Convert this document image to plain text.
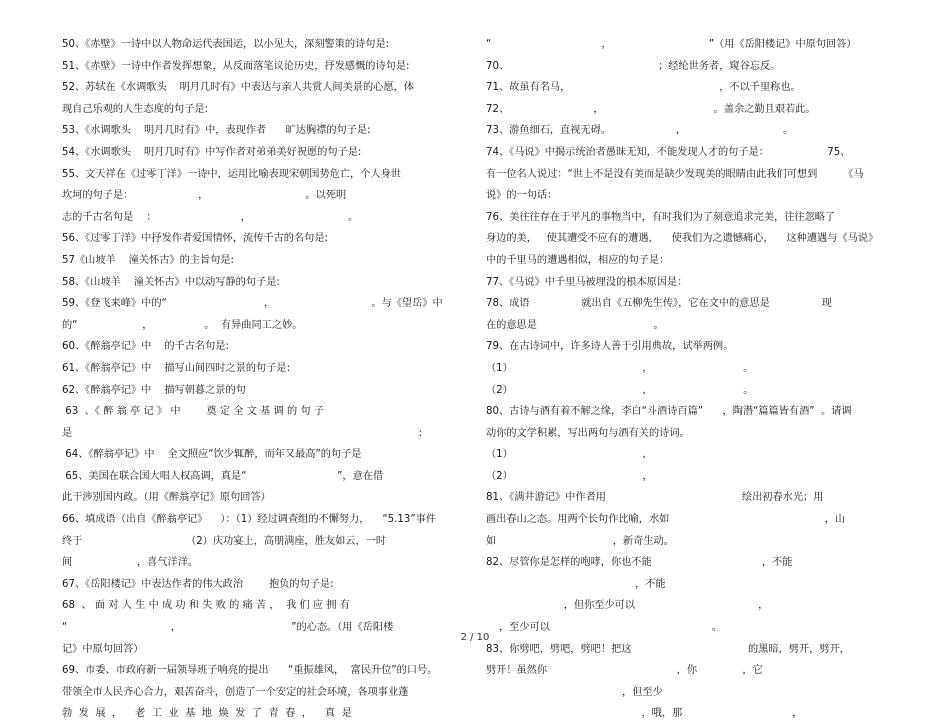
50、《赤壁》一诗中以人物命运代表国运，以小见大，深刻警策的诗句是:
51、《赤壁》一诗中作者发挥想象，从反面落笔议论历史，抒发感慨的诗句是:
52、苏轼在《水调歌头    明月几时有》中表达与亲人共赏人间美景的心愿，体
现自己乐观的人生态度的句子是:
53、《水调歌头    明月几时有》中，表现作者      旷达胸襟的句子是:
54、《水调歌头    明月几时有》中写作者对弟弟美好祝愿的句子是:
55、文天祥在《过零丁洋》一诗中，运用比喻表现宋朝国势危亡，个人身世
坎坷的句子是：                    ，                              。以死明
志的千古名句是    ：                          ，                              。
56、《过零丁洋》中抒发作者爱国情怀，流传千古的名句是:
57《山坡羊    潼关怀古》的主旨句是:
58、《山坡羊    潼关怀古》中以动写静的句子是:
59、《登飞来峰》中的“                              ，                              。与《望岳》中
的“                    ，                。  有异曲同工之妙。
60、《醉翁亭记》中    的千古名句是:
61、《醉翁亭记》中    描写山间四时之景的句子是:
62、《醉翁亭记》中    描写朝暮之景的句
63  、《 醉 翁 亭 记 》 中        奠 定 全 文 基 调 的 句 子
是                                                                                                           :
64、《醉翁亭记》中    全文照应“饮少辄醉，而年又最高”的句子是
65、美国在联合国大唱人权高调，真是“                            ”，意在借
此干涉别国内政。（用《醉翁亭记》原句回答）
66、填成语（出自《醉翁亭记》    ）：（1）经过调查组的不懈努力，    “5.13”事件
终于                                （2）庆功宴上，高朋满座，胜友如云，一时
间                    ，喜气洋洋。
67、《岳阳楼记》中表达作者的伟大政治        抱负的句子是:
68  、 面 对 人 生 中 成 功 和 失 败 的 痛 苦 ，  我 们 应 拥 有
“                                ，                                  ”的心态。（用《岳阳楼
记》中原句回答）
69、市委、市政府新一届领导班子响亮的提出      “重振雄风，  富民升位”的口号。
带领全市人民齐心合力，艰苦奋斗，创造了一个安定的社会环境，各项事业蓬
勃  发  展  ，    老  工  业  基  地  焕  发  了  青  春  ，    真  是
“                                  ，                              ”（用《岳阳楼记》中原句回答）
70、                                              ；经纶世务者，窥谷忘反。
71、故虽有名马，                                              ，不以千里称也。
72、                          ，                                  。盖余之勤且艰若此。
73、游鱼细石，直视无碍。                    ，                              。
74、《马说》中揭示统治者愚昧无知，不能发现人才的句子是：                  75、
有一位名人说过：“世上不是没有美而是缺少发现美的眼睛由此我们可想到        《马
说》的一句话：
76、美往往存在于平凡的事物当中，有时我们为了刻意追求完美，往往忽略了
身边的美，   使其遭受不应有的遭遇，    使我们为之遗憾痛心，    这种遭遇与《马说》
中的千里马的遭遇相似，相应的句子是：
77、《马说》中千里马被埋没的根本原因是：
78、成语                就出自《五柳先生传》，它在文中的意思是                现
在的意思是                                    。
79、在古诗词中，许多诗人善于引用典故，试举两例。
（1）                                        ，                            。
（2）                                        ，                            。
80、古诗与酒有着不解之缘，李白“斗酒诗百篇”      ，陶潜“篇篇皆有酒”  。请调
动你的文学积累，写出两句与酒有关的诗词。
（1）                                        ，
（2）                                        ，
81、《满井游记》中作者用                                          绘出初春水光；用
画出春山之态。用两个长句作比喻，水如                                                ，山
如                                    ，新奇生动。
82、尽管你是怎样的咆哮，你也不能                                  ，不能
，不能
，但你至少可以                                      ，
，至少可以                                                  。
83、你劈吧，劈吧，劈吧！把这                                    的黑暗，劈开，劈开，
劈开！虽然你                                        ，你              ，它
，但至少
，哦，那                                  ，
2 / 10
